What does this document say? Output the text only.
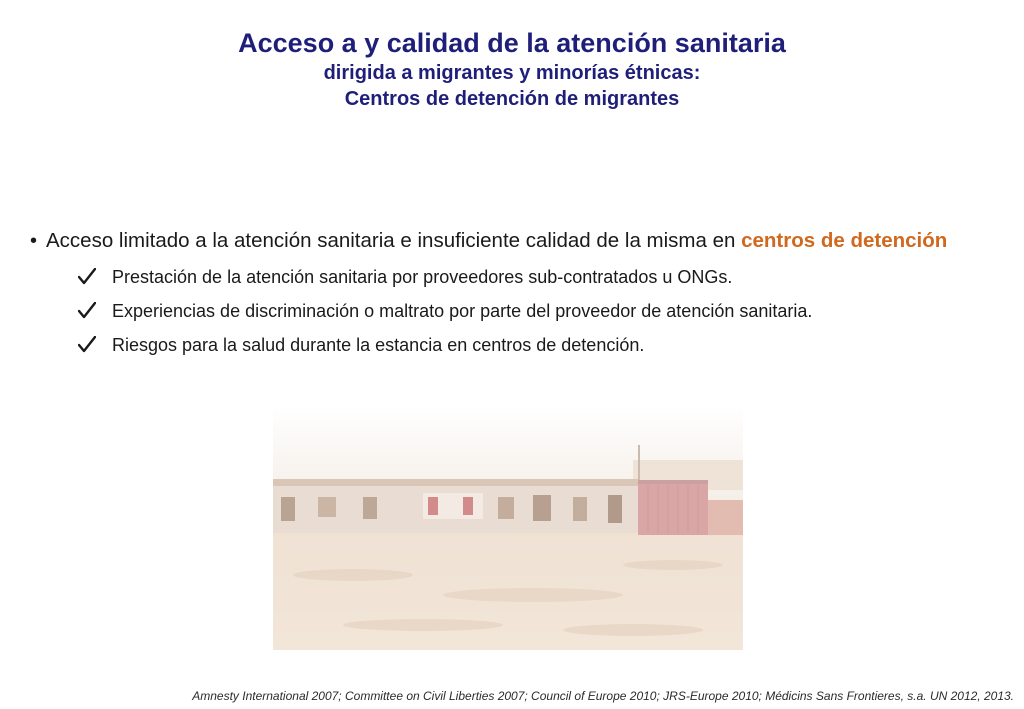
Acceso a y calidad de la atención sanitaria

dirigida a migrantes y minorías étnicas:

Centros de detención de migrantes

• Acceso limitado a la atención sanitaria e insuficiente calidad de la misma en centros de detención
Prestación de la atención sanitaria por proveedores sub-contratados u ONGs.
Experiencias de discriminación o maltrato por parte del proveedor de atención sanitaria.
Riesgos para la salud durante la estancia en centros de detención.
Amnesty International 2007; Committee on Civil Liberties 2007; Council of Europe 2010; JRS-Europe 2010; Médicins Sans Frontieres, s.a. UN 2012, 2013.
